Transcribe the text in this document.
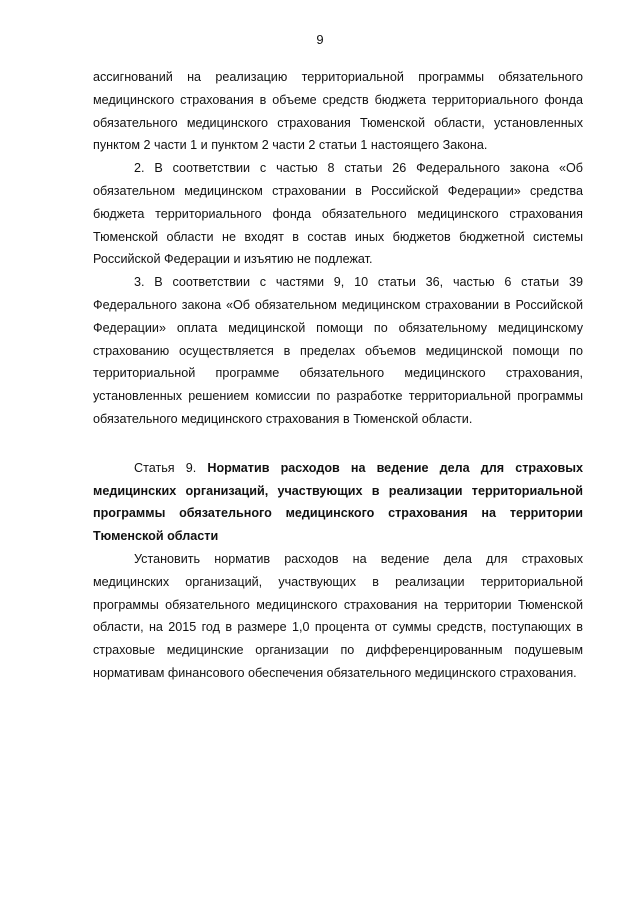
9

ассигнований на реализацию территориальной программы обязательного медицинского страхования в объеме средств бюджета территориального фонда обязательного медицинского страхования Тюменской области, установленных пунктом 2 части 1 и пунктом 2 части 2 статьи 1 настоящего Закона.

2. В соответствии с частью 8 статьи 26 Федерального закона «Об обязательном медицинском страховании в Российской Федерации» средства бюджета территориального фонда обязательного медицинского страхования Тюменской области не входят в состав иных бюджетов бюджетной системы Российской Федерации и изъятию не подлежат.

3. В соответствии с частями 9, 10 статьи 36, частью 6 статьи 39 Федерального закона «Об обязательном медицинском страховании в Российской Федерации» оплата медицинской помощи по обязательному медицинскому страхованию осуществляется в пределах объемов медицинской помощи по территориальной программе обязательного медицинского страхования, установленных решением комиссии по разработке территориальной программы обязательного медицинского страхования в Тюменской области.

Статья 9. Норматив расходов на ведение дела для страховых медицинских организаций, участвующих в реализации территориальной программы обязательного медицинского страхования на территории Тюменской области

Установить норматив расходов на ведение дела для страховых медицинских организаций, участвующих в реализации территориальной программы обязательного медицинского страхования на территории Тюменской области, на 2015 год в размере 1,0 процента от суммы средств, поступающих в страховые медицинские организации по дифференцированным подушевым нормативам финансового обеспечения обязательного медицинского страхования.
